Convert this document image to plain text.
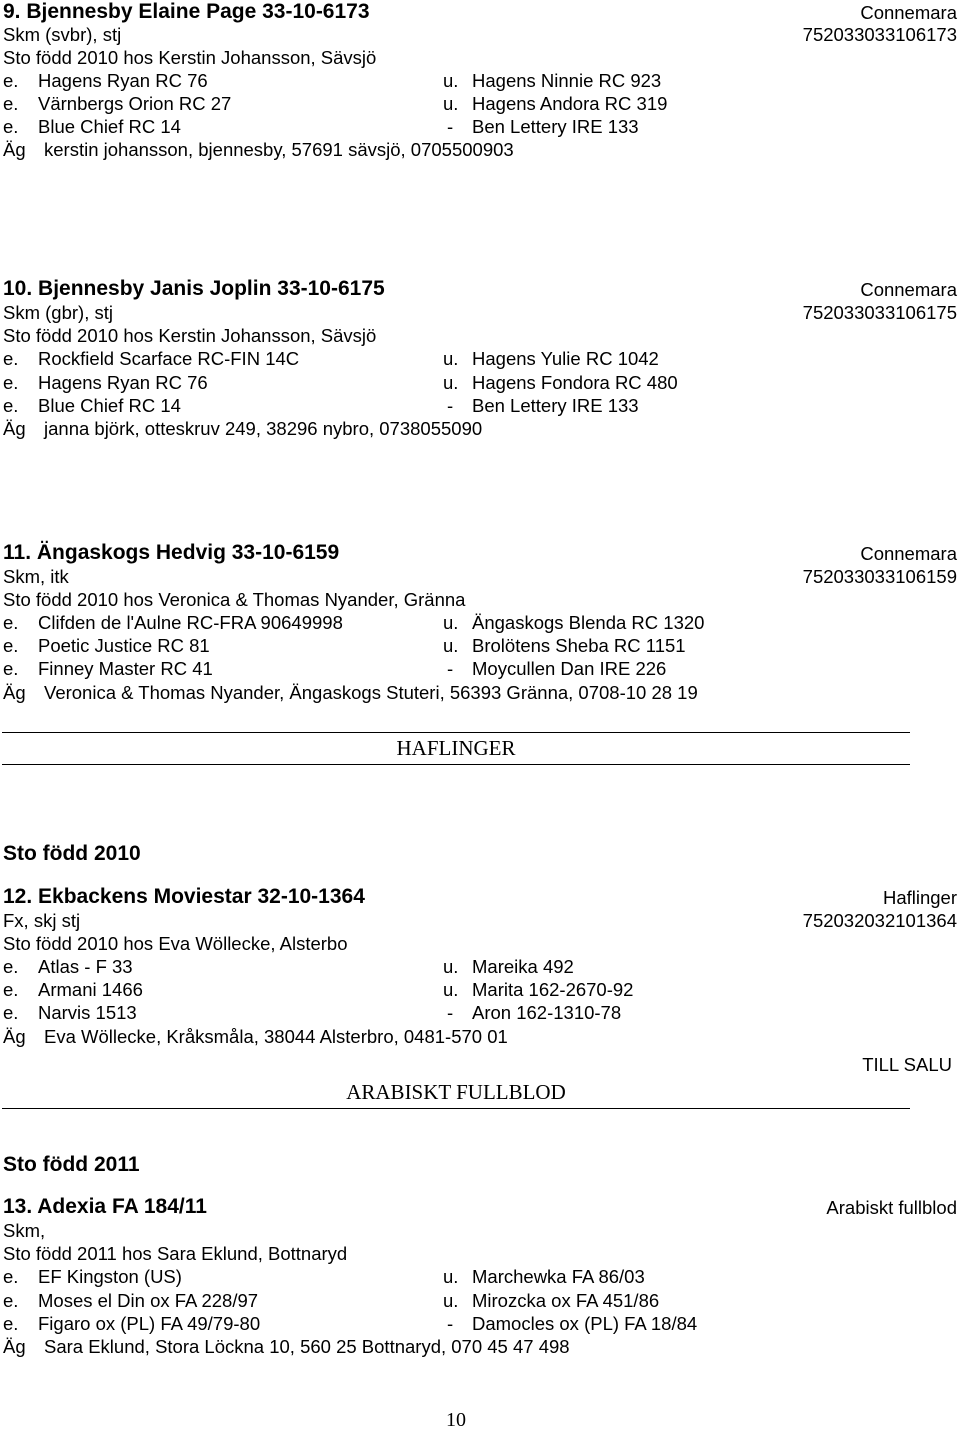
9. Bjennesby Elaine Page 33-10-6173	Connemara
Skm (svbr), stj	752033033106173
Sto född 2010 hos Kerstin Johansson, Sävsjö
e. Hagens Ryan RC 76	u. Hagens Ninnie RC 923
e. Värnbergs Orion RC 27	u. Hagens Andora RC 319
e. Blue Chief RC 14	- Ben Lettery IRE 133
Äg kerstin johansson, bjennesby, 57691 sävsjö, 0705500903
10. Bjennesby Janis Joplin 33-10-6175	Connemara
Skm (gbr), stj	752033033106175
Sto född 2010 hos Kerstin Johansson, Sävsjö
e. Rockfield Scarface RC-FIN 14C	u. Hagens Yulie RC 1042
e. Hagens Ryan RC 76	u. Hagens Fondora RC 480
e. Blue Chief RC 14	- Ben Lettery IRE 133
Äg janna björk, otteskruv 249, 38296 nybro, 0738055090
11. Ängaskogs Hedvig 33-10-6159	Connemara
Skm, itk	752033033106159
Sto född 2010 hos Veronica & Thomas Nyander, Gränna
e. Clifden de l'Aulne RC-FRA 90649998	u. Ängaskogs Blenda RC 1320
e. Poetic Justice RC 81	u. Brolötens Sheba RC 1151
e. Finney Master RC 41	- Moycullen Dan IRE 226
Äg Veronica & Thomas Nyander, Ängaskogs Stuteri, 56393 Gränna, 0708-10 28 19
HAFLINGER
Sto född 2010
12. Ekbackens Moviestar 32-10-1364	Haflinger
Fx, skj stj	752032032101364
Sto född 2010 hos Eva Wöllecke, Alsterbo
e. Atlas - F 33	u. Mareika 492
e. Armani 1466	u. Marita 162-2670-92
e. Narvis 1513	- Aron 162-1310-78
Äg Eva Wöllecke, Kråksmåla, 38044 Alsterbro, 0481-570 01
TILL SALU
ARABISKT FULLBLOD
Sto född 2011
13. Adexia FA 184/11	Arabiskt fullblod
Skm,
Sto född 2011 hos Sara Eklund, Bottnaryd
e. EF Kingston (US)	u. Marchewka FA 86/03
e. Moses el Din ox FA 228/97	u. Mirozcka ox FA 451/86
e. Figaro ox (PL) FA 49/79-80	- Damocles ox (PL) FA 18/84
Äg Sara Eklund, Stora Löckna 10, 560 25 Bottnaryd, 070 45 47 498
10
